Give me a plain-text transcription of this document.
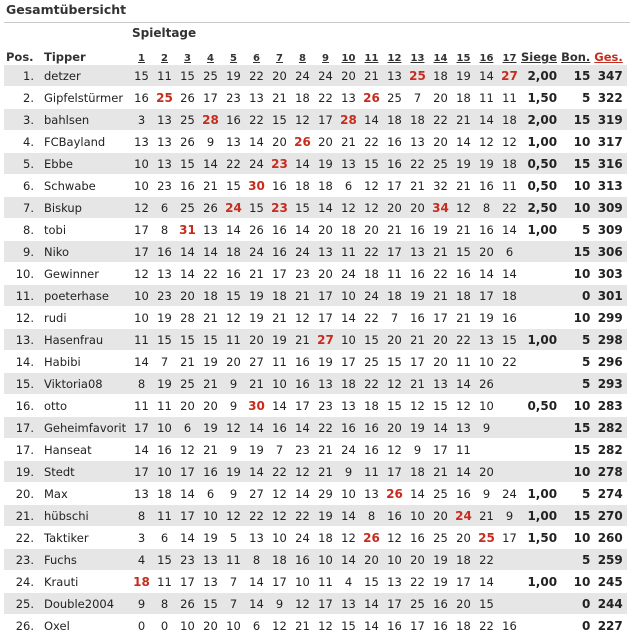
Gesamtübersicht
Spieltage
Pos.	Tipper	1	2	3	4	5	6	7	8	9	10	11	12	13	14	15	16	17	Siege	Bon.	Ges.
1.	detzer	15	11	15	25	19	22	20	24	24	20	21	13	25	18	19	14	27	2,00	15	347
2.	Gipfelstürmer	16	25	26	17	23	13	21	18	22	13	26	25	7	20	18	11	11	1,50	5	322
3.	bahlsen	3	13	25	28	16	22	15	12	17	28	14	18	18	22	21	14	18	2,00	15	319
4.	FCBayland	13	13	26	9	13	14	20	26	20	21	22	16	13	20	14	12	12	1,00	10	317
5.	Ebbe	10	13	15	14	22	24	23	14	19	13	15	16	22	25	19	19	18	0,50	15	316
6.	Schwabe	10	23	16	21	15	30	16	18	18	6	12	17	21	32	21	16	11	0,50	10	313
7.	Biskup	12	6	25	26	24	15	23	15	14	12	12	20	20	34	12	8	22	2,50	10	309
8.	tobi	17	8	31	13	14	26	16	14	20	18	20	21	16	19	21	16	14	1,00	5	309
9.	Niko	17	16	14	14	18	24	16	24	13	11	22	17	13	21	15	20	6		15	306
10.	Gewinner	12	13	14	22	16	21	17	23	20	24	18	11	16	22	16	14	14		10	303
11.	poeterhase	10	23	20	18	15	19	18	21	17	10	24	18	19	21	18	17	18		0	301
12.	rudi	10	19	28	21	12	19	21	12	17	14	22	7	16	17	21	19	16		10	299
13.	Hasenfrau	11	15	15	15	11	20	19	21	27	10	15	20	21	20	22	13	15	1,00	5	298
14.	Habibi	14	7	21	19	20	27	11	16	19	17	25	15	17	20	11	10	22		5	296
15.	Viktoria08	8	19	25	21	9	21	10	16	13	18	22	12	21	13	14	26			5	293
16.	otto	11	11	20	20	9	30	14	17	23	13	18	15	12	15	12	10		0,50	10	283
17.	Geheimfavorit	17	10	6	19	12	14	16	14	22	16	16	20	19	14	13	9			15	282
17.	Hanseat	14	16	12	21	9	19	7	23	21	24	16	12	9	17	11				15	282
19.	Stedt	17	10	17	16	19	14	22	12	21	9	11	17	18	21	14	20			10	278
20.	Max	13	18	14	6	9	27	12	14	29	10	13	26	14	25	16	9	24	1,00	5	274
21.	hübschi	8	11	17	10	12	22	12	22	19	14	8	16	10	20	24	21	9	1,00	15	270
22.	Taktiker	3	6	14	19	5	13	10	24	18	12	26	12	16	25	20	25	17	1,50	10	260
23.	Fuchs	4	15	23	13	11	8	18	16	10	14	20	10	20	19	18	22			5	259
24.	Krauti	18	11	17	13	7	14	17	10	11	4	15	13	22	19	17	14		1,00	10	245
25.	Double2004	9	8	26	15	7	14	9	12	17	13	14	17	25	16	20	15			0	244
26.	Oxel	0	0	10	20	10	6	12	21	12	15	14	16	17	16	18	22	16		0	227
